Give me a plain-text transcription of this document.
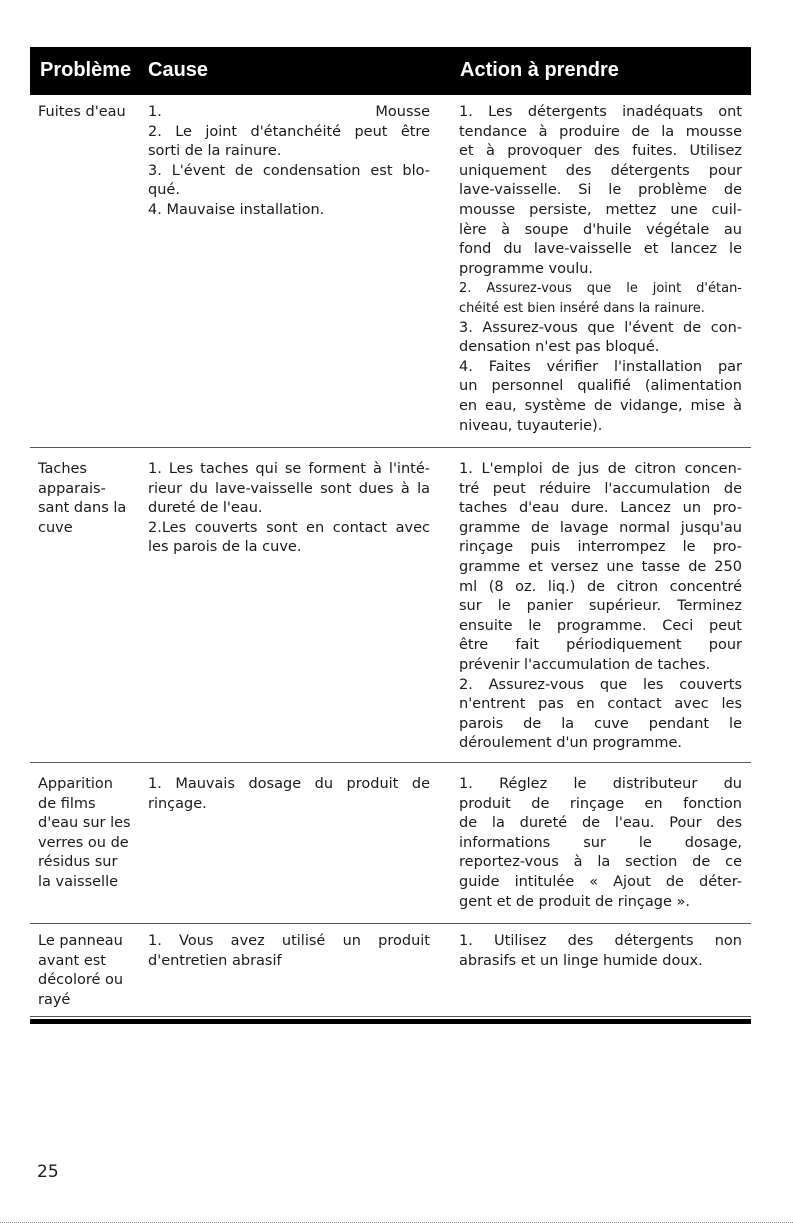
Problème Cause	Action à prendre
Fuites d'eau	1. Mousse
2. Le joint d'étanchéité peut être
sorti de la rainure.
3. L'évent de condensation est blo-
qué.
4. Mauvaise installation.
1. Les détergents inadéquats ont
tendance à produire de la mousse
et à provoquer des fuites. Utilisez
uniquement des détergents pour
lave-vaisselle. Si le problème de
mousse persiste, mettez une cuil-
lère à soupe d'huile végétale au
fond du lave-vaisselle et lancez le
programme voulu.
2. Assurez-vous que le joint d'étan-
chéité est bien inséré dans la rainure.
3. Assurez-vous que l'évent de con-
densation n'est pas bloqué.
4. Faites vérifier l'installation par
un personnel qualifié (alimentation
en eau, système de vidange, mise à
niveau, tuyauterie).
Taches
apparais-
sant dans la
cuve
1. Les taches qui se forment à l'inté-
rieur du lave-vaisselle sont dues à la
dureté de l'eau.
2.Les couverts sont en contact avec
les parois de la cuve.
1. L'emploi de jus de citron concen-
tré peut réduire l'accumulation de
taches d'eau dure. Lancez un pro-
gramme de lavage normal jusqu'au
rinçage puis interrompez le pro-
gramme et versez une tasse de 250
ml (8 oz. liq.) de citron concentré
sur le panier supérieur. Terminez
ensuite le programme. Ceci peut
être fait périodiquement pour
prévenir l'accumulation de taches.
2. Assurez-vous que les couverts
n'entrent pas en contact avec les
parois de la cuve pendant le
déroulement d'un programme.
Apparition
de films
d'eau sur les
verres ou de
résidus sur
la vaisselle
1. Mauvais dosage du produit de
rinçage.
1. Réglez le distributeur du
produit de rinçage en fonction
de la dureté de l'eau. Pour des
informations sur le dosage,
reportez-vous à la section de ce
guide intitulée « Ajout de déter-
gent et de produit de rinçage ».
Le panneau
avant est
décoloré ou
rayé
1. Vous avez utilisé un produit
d'entretien abrasif
1. Utilisez des détergents non
abrasifs et un linge humide doux.
25
